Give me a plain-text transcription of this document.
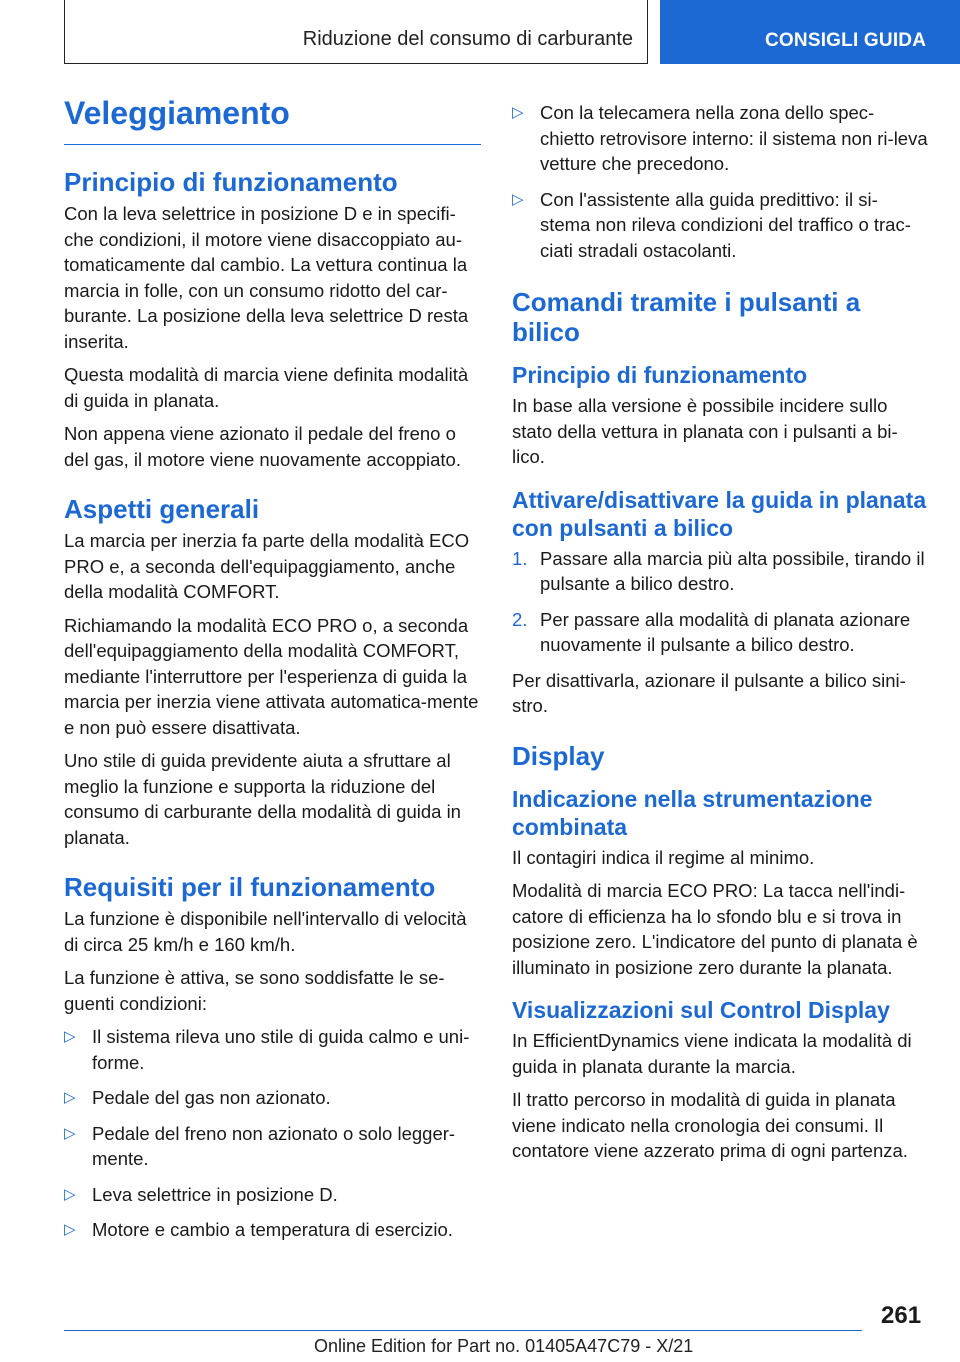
Riduzione del consumo di carburante	CONSIGLI GUIDA
Veleggiamento
Principio di funzionamento

Con la leva selettrice in posizione D e in specifi-che condizioni, il motore viene disaccoppiato au-tomaticamente dal cambio. La vettura continua la marcia in folle, con un consumo ridotto del car-burante. La posizione della leva selettrice D resta inserita.

Questa modalità di marcia viene definita modalità di guida in planata.

Non appena viene azionato il pedale del freno o del gas, il motore viene nuovamente accoppiato.

Aspetti generali

La marcia per inerzia fa parte della modalità ECO PRO e, a seconda dell'equipaggiamento, anche della modalità COMFORT.

Richiamando la modalità ECO PRO o, a seconda dell'equipaggiamento della modalità COMFORT, mediante l'interruttore per l'esperienza di guida la marcia per inerzia viene attivata automatica-mente e non può essere disattivata.

Uno stile di guida previdente aiuta a sfruttare al meglio la funzione e supporta la riduzione del consumo di carburante della modalità di guida in planata.

Requisiti per il funzionamento

La funzione è disponibile nell'intervallo di velocità di circa 25 km/h e 160 km/h.

La funzione è attiva, se sono soddisfatte le se-guenti condizioni:

▷ Il sistema rileva uno stile di guida calmo e uni-forme.
▷ Pedale del gas non azionato.
▷ Pedale del freno non azionato o solo legger-mente.
▷ Leva selettrice in posizione D.
▷ Motore e cambio a temperatura di esercizio.
▷ Con la telecamera nella zona dello spec-chietto retrovisore interno: il sistema non ri-leva vetture che precedono.
▷ Con l'assistente alla guida predittivo: il si-stema non rileva condizioni del traffico o trac-ciati stradali ostacolanti.
Comandi tramite i pulsanti a bilico
Principio di funzionamento

In base alla versione è possibile incidere sullo stato della vettura in planata con i pulsanti a bi-lico.

Attivare/disattivare la guida in planata con pulsanti a bilico
1. Passare alla marcia più alta possibile, tirando il pulsante a bilico destro.
2. Per passare alla modalità di planata azionare nuovamente il pulsante a bilico destro.

Per disattivarla, azionare il pulsante a bilico sini-stro.

Display
Indicazione nella strumentazione combinata

Il contagiri indica il regime al minimo.

Modalità di marcia ECO PRO: La tacca nell'indi-catore di efficienza ha lo sfondo blu e si trova in posizione zero. L'indicatore del punto di planata è illuminato in posizione zero durante la planata.

Visualizzazioni sul Control Display

In EfficientDynamics viene indicata la modalità di guida in planata durante la marcia.

Il tratto percorso in modalità di guida in planata viene indicato nella cronologia dei consumi. Il contatore viene azzerato prima di ogni partenza.

261
Online Edition for Part no. 01405A47C79 - X/21
